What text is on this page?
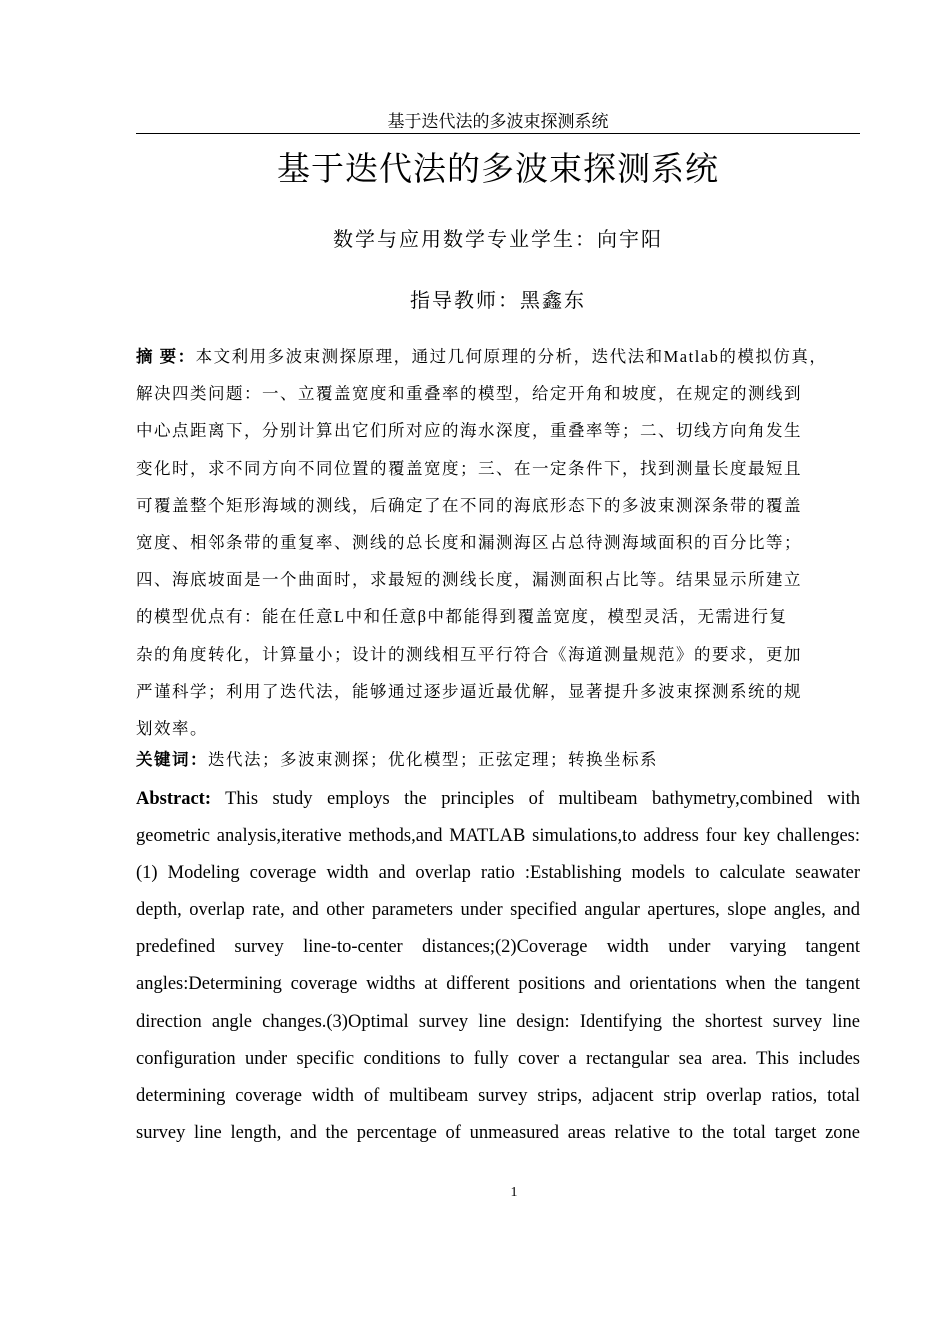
基于迭代法的多波束探测系统
基于迭代法的多波束探测系统
数学与应用数学专业学生：向宇阳
指导教师：黑鑫东
摘 要：本文利用多波束测探原理，通过几何原理的分析，迭代法和Matlab的模拟仿真，
解决四类问题：一、立覆盖宽度和重叠率的模型，给定开角和坡度，在规定的测线到
中心点距离下，分别计算出它们所对应的海水深度，重叠率等；二、切线方向角发生
变化时，求不同方向不同位置的覆盖宽度；三、在一定条件下，找到测量长度最短且
可覆盖整个矩形海域的测线，后确定了在不同的海底形态下的多波束测深条带的覆盖
宽度、相邻条带的重复率、测线的总长度和漏测海区占总待测海域面积的百分比等；
四、海底坡面是一个曲面时，求最短的测线长度，漏测面积占比等。结果显示所建立
的模型优点有：能在任意L中和任意β中都能得到覆盖宽度，模型灵活，无需进行复
杂的角度转化，计算量小；设计的测线相互平行符合《海道测量规范》的要求，更加
严谨科学；利用了迭代法，能够通过逐步逼近最优解，显著提升多波束探测系统的规
划效率。
关键词：迭代法；多波束测探；优化模型；正弦定理；转换坐标系
Abstract: This study employs the principles of multibeam bathymetry,combined with
geometric analysis,iterative methods,and MATLAB simulations,to address four key challenges:
(1) Modeling coverage width and overlap ratio :Establishing models to calculate seawater
depth, overlap rate, and other parameters under specified angular apertures, slope angles, and
predefined survey line-to-center distances;(2)Coverage width under varying tangent
angles:Determining coverage widths at different positions and orientations when the tangent
direction angle changes.(3)Optimal survey line design: Identifying the shortest survey line
configuration under specific conditions to fully cover a rectangular sea area. This includes
determining coverage width of multibeam survey strips, adjacent strip overlap ratios, total
survey line length, and the percentage of unmeasured areas relative to the total target zone
1
